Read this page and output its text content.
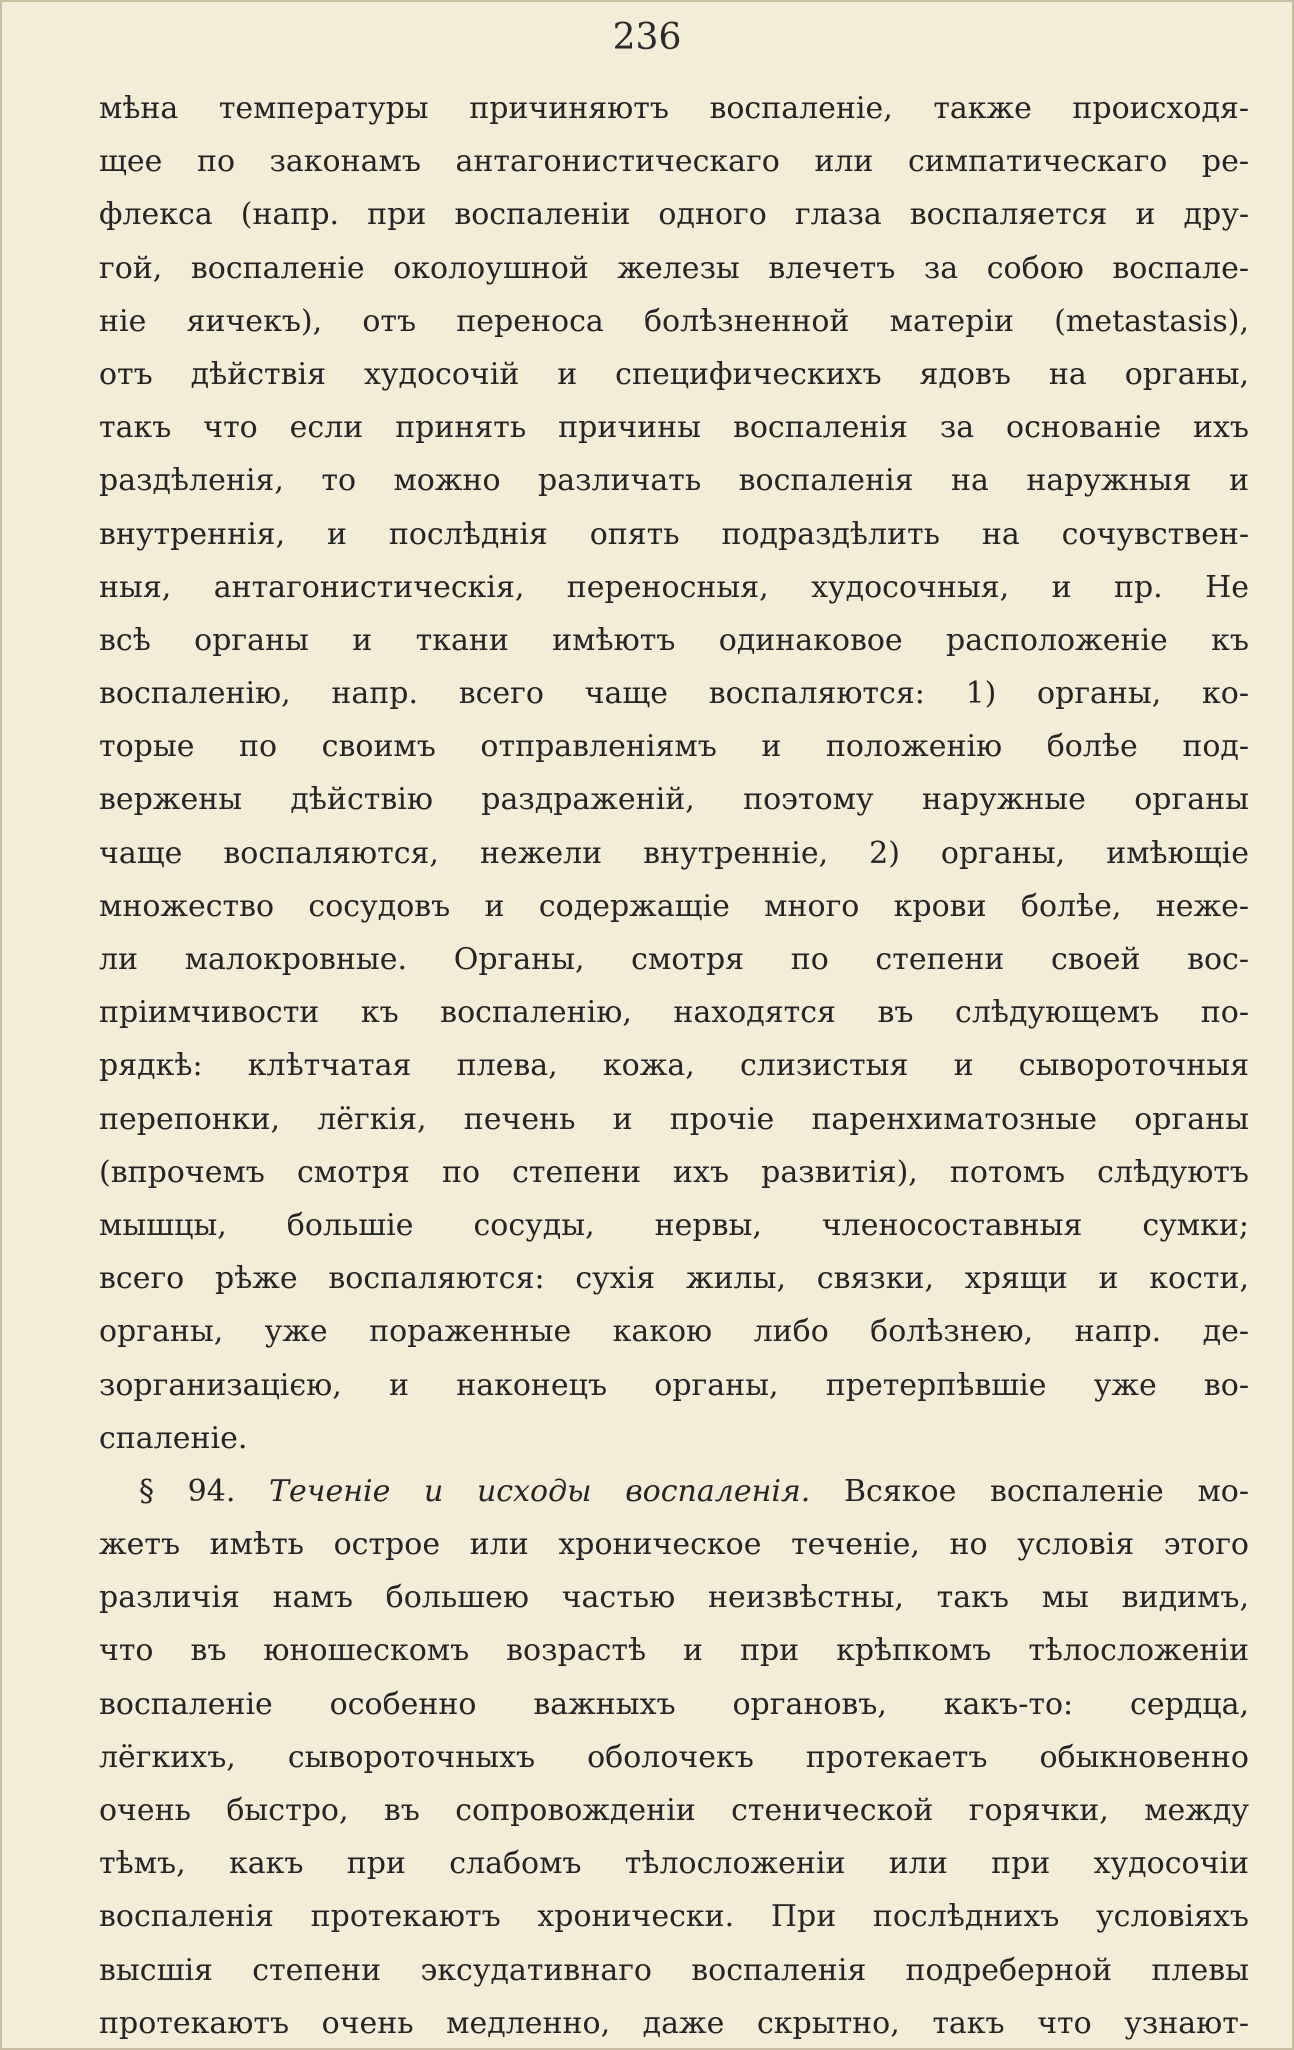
236
мѣна температуры причиняютъ воспаленіе, также происходя-
щее по законамъ антагонистическаго или симпатическаго ре-
флекса (напр. при воспаленіи одного глаза воспаляется и дру-
гой, воспаленіе околоушной железы влечетъ за собою воспале-
ніе яичекъ), отъ переноса болѣзненной матеріи (metastasis),
отъ дѣйствія худосочій и специфическихъ ядовъ на органы,
такъ что если принять причины воспаленія за основаніе ихъ
раздѣленія, то можно различать воспаленія на наружныя и
внутреннія, и послѣднія опять подраздѣлить на сочувствен-
ныя, антагонистическія, переносныя, худосочныя, и пр. Не
всѣ органы и ткани имѣютъ одинаковое расположеніе къ
воспаленію, напр. всего чаще воспаляются: 1) органы, ко-
торые по своимъ отправленіямъ и положенію болѣе под-
вержены дѣйствію раздраженій, поэтому наружные органы
чаще воспаляются, нежели внутренніе, 2) органы, имѣющіе
множество сосудовъ и содержащіе много крови болѣе, нeже-
ли малокровные. Органы, смотря по степени своей вос-
пріимчивости къ воспаленію, находятся въ слѣдующемъ по-
рядкѣ: клѣтчатая плева, кожа, слизистыя и сывороточныя
перепонки, лёгкія, печень и прочіе паренхиматозные органы
(впрочемъ смотря по степени ихъ развитія), потомъ слѣдуютъ
мышцы, большіе сосуды, нервы, членосоставныя сумки;
всего рѣже воспаляются: сухія жилы, связки, хрящи и кости,
органы, уже пораженные какою либо болѣзнею, напр. де-
зорганизацією, и наконецъ органы, претерпѣвшіе уже во-
спаленіе.
§ 94. Теченіе и исходы воспаленія. Всякое воспаленіе мо-
жетъ имѣть острое или хроническое теченіе, но условія этого
различія намъ большею частью неизвѣстны, такъ мы видимъ,
что въ юношескомъ возрастѣ и при крѣпкомъ тѣлосложеніи
воспаленіе особенно важныхъ органовъ, какъ-то: сердца,
лёгкихъ, сывороточныхъ оболочекъ протекаетъ обыкновенно
очень быстро, въ сопровожденіи стенической горячки, между
тѣмъ, какъ при слабомъ тѣлосложеніи или при худосочіи
воспаленія протекаютъ хронически. При послѣднихъ условіяхъ
высшія степени эксудативнаго воспаленія подреберной плевы
протекаютъ очень медленно, даже скрытно, такъ что узнают-
